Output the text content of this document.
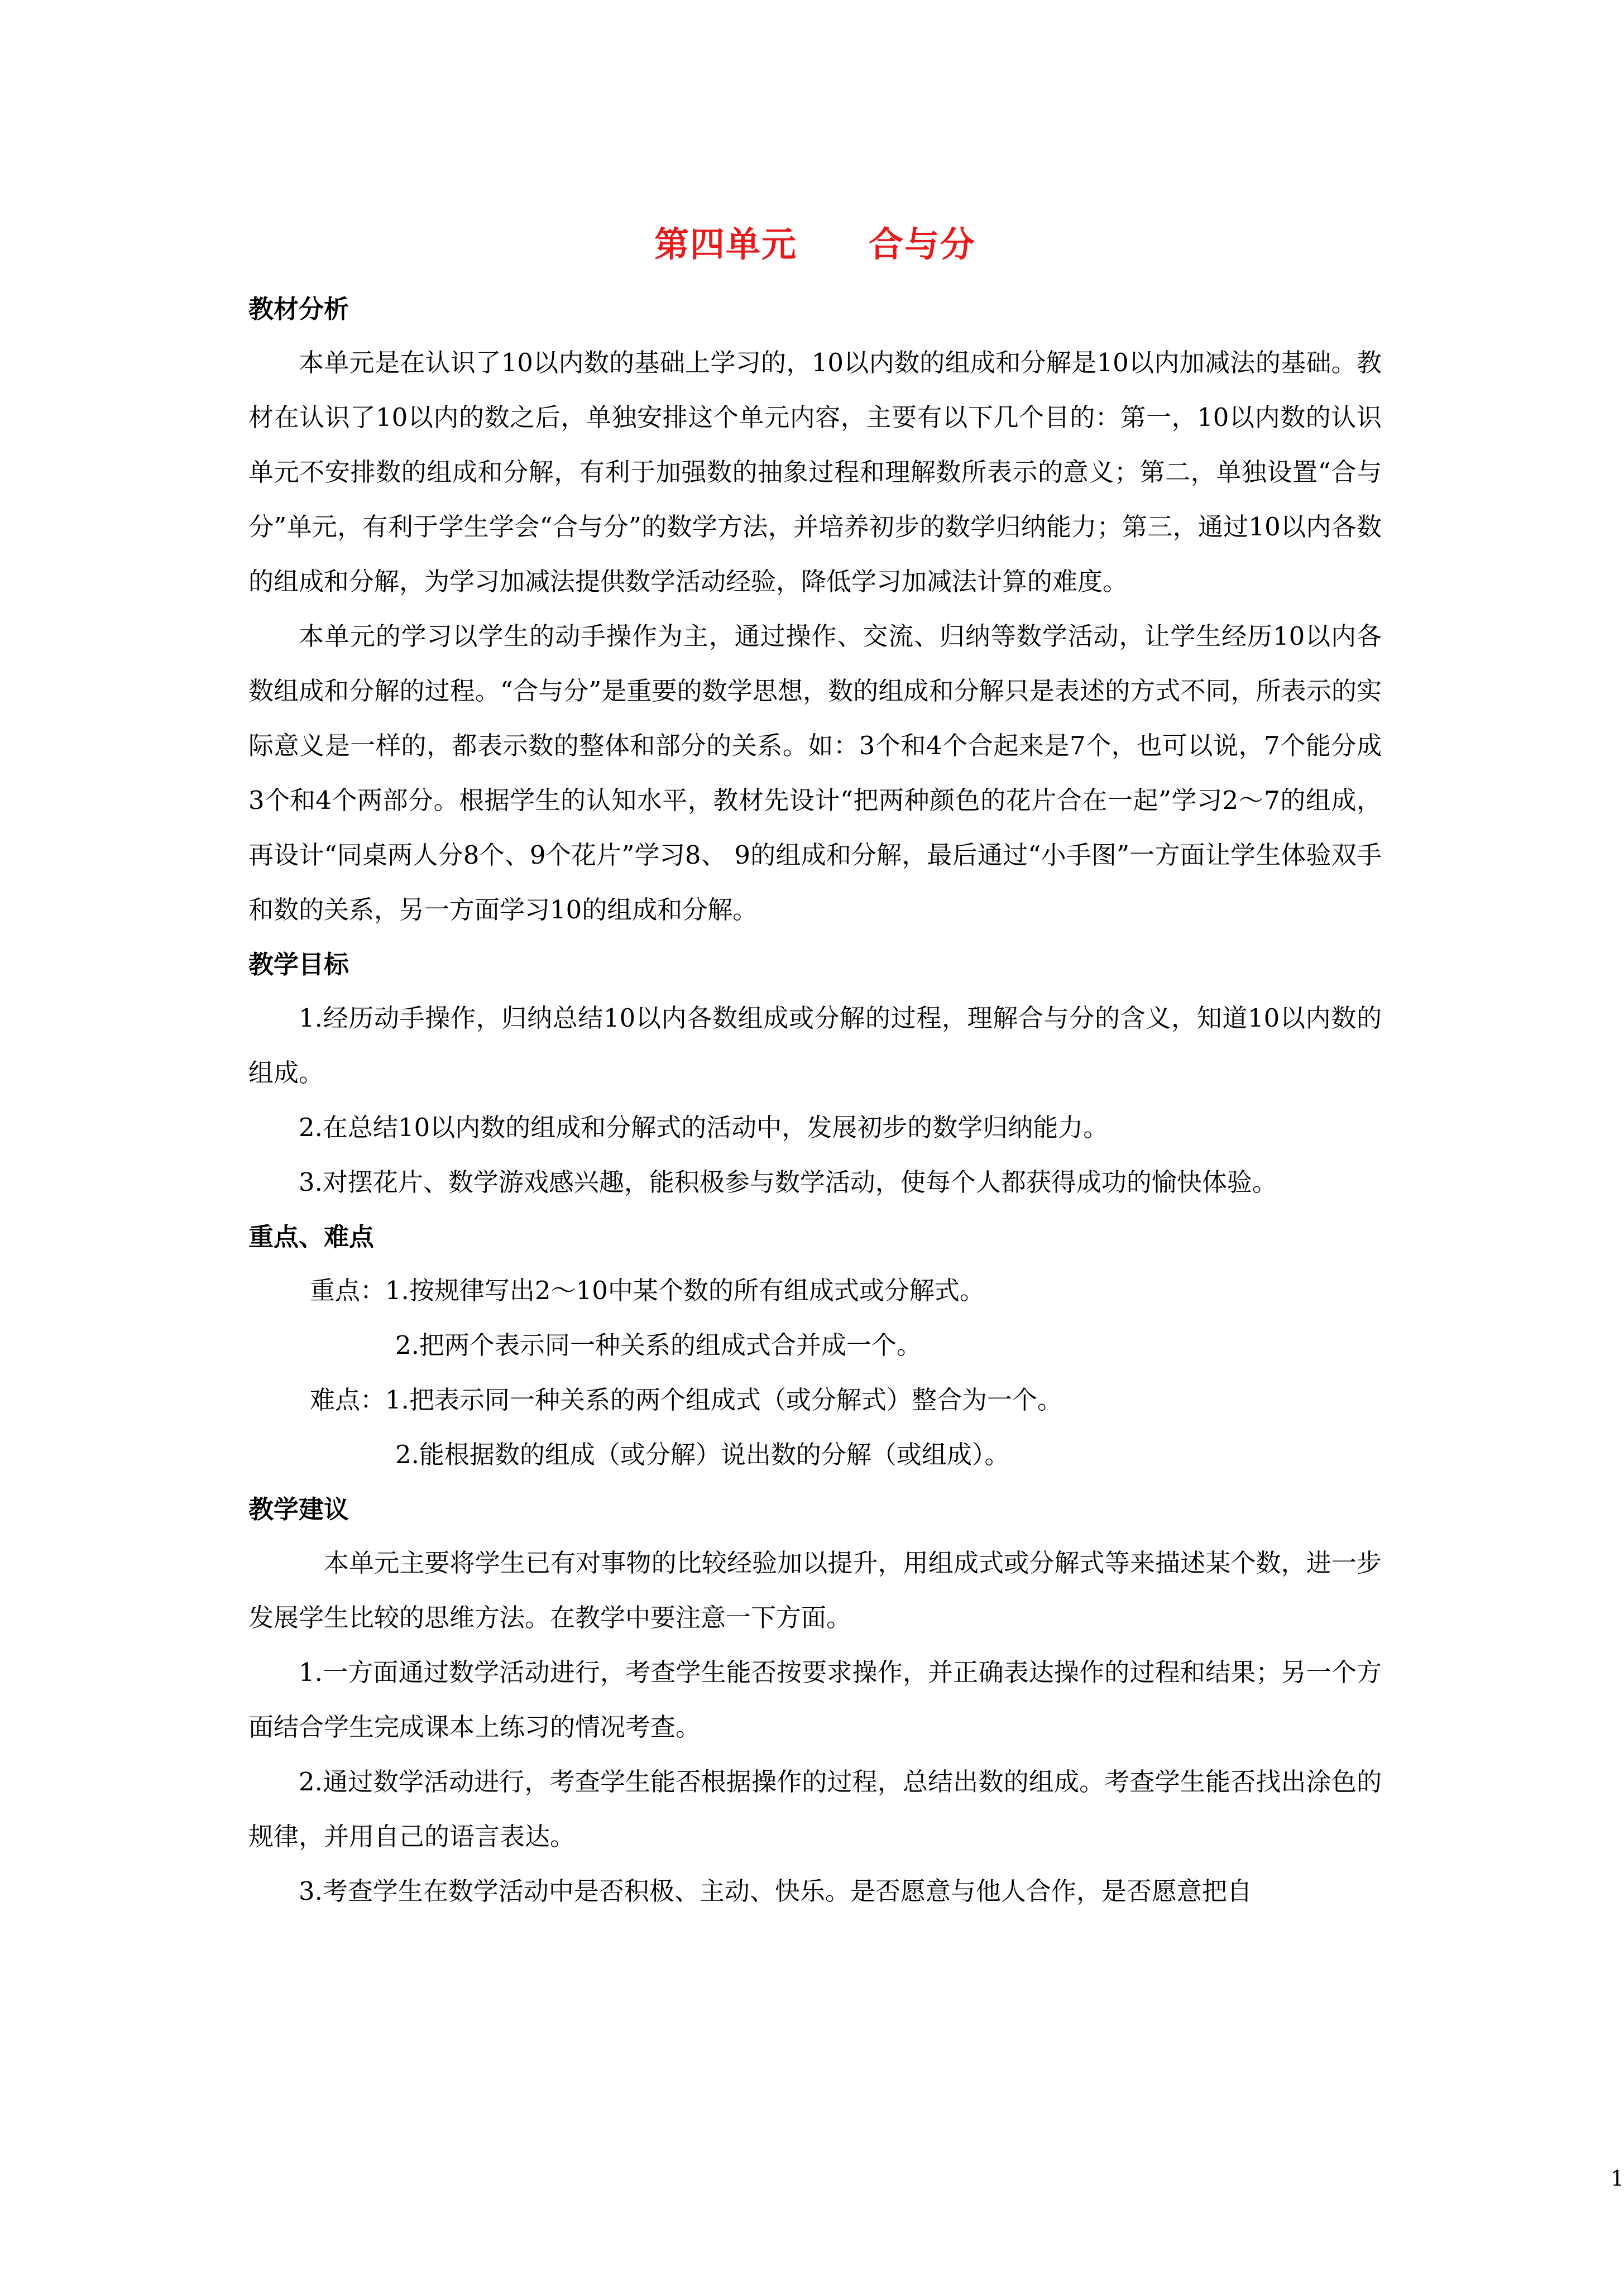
第四单元　　合与分
教材分析

本单元是在认识了10以内数的基础上学习的，10以内数的组成和分解是10以内加减法的基础。教材在认识了10以内的数之后，单独安排这个单元内容，主要有以下几个目的：第一，10以内数的认识单元不安排数的组成和分解，有利于加强数的抽象过程和理解数所表示的意义；第二，单独设置“合与分”单元，有利于学生学会“合与分”的数学方法，并培养初步的数学归纳能力；第三，通过10以内各数的组成和分解，为学习加减法提供数学活动经验，降低学习加减法计算的难度。

本单元的学习以学生的动手操作为主，通过操作、交流、归纳等数学活动，让学生经历10以内各数组成和分解的过程。“合与分”是重要的数学思想，数的组成和分解只是表述的方式不同，所表示的实际意义是一样的，都表示数的整体和部分的关系。如：3个和4个合起来是7个，也可以说，7个能分成3个和4个两部分。根据学生的认知水平，教材先设计“把两种颜色的花片合在一起”学习2～7的组成，再设计“同桌两人分8个、9个花片”学习8、 9的组成和分解，最后通过“小手图”一方面让学生体验双手和数的关系，另一方面学习10的组成和分解。

教学目标

1.经历动手操作，归纳总结10以内各数组成或分解的过程，理解合与分的含义，知道10以内数的组成。

2.在总结10以内数的组成和分解式的活动中，发展初步的数学归纳能力。

3.对摆花片、数学游戏感兴趣，能积极参与数学活动，使每个人都获得成功的愉快体验。

重点、难点
重点：1.按规律写出2～10中某个数的所有组成式或分解式。
2.把两个表示同一种关系的组成式合并成一个。
难点：1.把表示同一种关系的两个组成式（或分解式）整合为一个。
2.能根据数的组成（或分解）说出数的分解（或组成）。
教学建议

本单元主要将学生已有对事物的比较经验加以提升，用组成式或分解式等来描述某个数，进一步发展学生比较的思维方法。在教学中要注意一下方面。

1.一方面通过数学活动进行，考查学生能否按要求操作，并正确表达操作的过程和结果；另一个方面结合学生完成课本上练习的情况考查。

2.通过数学活动进行，考查学生能否根据操作的过程，总结出数的组成。考查学生能否找出涂色的规律，并用自己的语言表达。

3.考查学生在数学活动中是否积极、主动、快乐。是否愿意与他人合作，是否愿意把自

1
